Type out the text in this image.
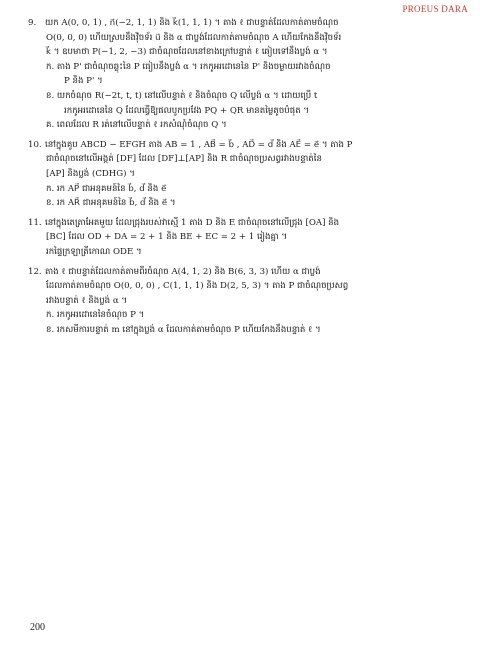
PROEUS DARA
9. យក A(0, 0, 1) , n⃗(−2, 1, 1) និង k⃗(1, 1, 1) ។ តាង ℓ ជាបន្ទាត់ដែលកាត់តាមចំណុច
O(0, 0, 0) ហើយស្របនឹងវ៉ិចទ័រ u⃗ និង α ជាប្លង់ដែលកាត់តាមចំណុច A ហើយកែងនឹងវ៉ិចទ័រ
k⃗ ។ ឧបមាថា P(−1, 2, −3) ជាចំណុចដែលនៅខាងក្រៅបន្ទាត់ ℓ ឆៀបទៅនឹងប្លង់ α ។
ក. តាង P' ជាចំណុចឆ្លុះនៃ P ធៀបនឹងប្លង់ α ។ រកកូអរដោនេនៃ P' និងចម្ងាយរវាងចំណុច
P និង P' ។
ខ. យកចំណុច R(−2t, t, t) នៅលើបន្ទាត់ ℓ និងចំណុច Q លើប្លង់ α ។ ដោយប្រើ t
រកកូអរដោនេនៃ Q ដែលធ្វើឱ្យផលបូកប្រវែង PQ + QR មានតម្លៃតូចបំផុត ។
គ. ពេលដែល R រត់នៅលើបន្ទាត់ ℓ រកសំណុំចំណុច Q ។
10. នៅក្នុងគូប ABCD − EFGH តាង AB = 1 , AB⃗ = b⃗ , AD⃗ = d⃗ និង AE⃗ = e⃗ ។ តាង P
ជាចំណុចនៅលើអង្កត់ [DF] ដែល [DF]⊥[AP] និង R ជាចំណុចប្រសព្វរវាងបន្ទាត់នៃ
[AP] និងប្លង់ (CDHG) ។
ក. រក AP⃗ ជាអនុគមន៍នៃ b⃗, d⃗ និង e⃗
ខ. រក AR⃗ ជាអនុគមន៍នៃ b⃗, d⃗ និង e⃗ ។
11. នៅក្នុងតេត្រាអែតមួយ ដែលជ្រុងរបស់វាស្មើ 1 តាង D និង E ជាចំណុចនៅលើជ្រុង [OA] និង
[BC] ដែល OD + DA = 2 + 1 និង BE + EC = 2 + 1 រៀងគ្នា ។
រកផ្ទៃក្រឡាត្រីកោណ ODE ។
12. តាង ℓ ជាបន្ទាត់ដែលកាត់តាមពីរចំណុច A(4, 1, 2) និង B(6, 3, 3) ហើយ α ជាប្លង់
ដែលកាត់តាមចំណុច O(0, 0, 0) , C(1, 1, 1) និង D(2, 5, 3) ។ តាង P ជាចំណុចប្រសព្វ
រវាងបន្ទាត់ ℓ និងប្លង់ α ។
ក. រកកូអរដោនេនៃចំណុច P ។
ខ. រកសមីការបន្ទាត់ m នៅក្នុងប្លង់ α ដែលកាត់តាមចំណុច P ហើយកែងនឹងបន្ទាត់ ℓ ។
200
